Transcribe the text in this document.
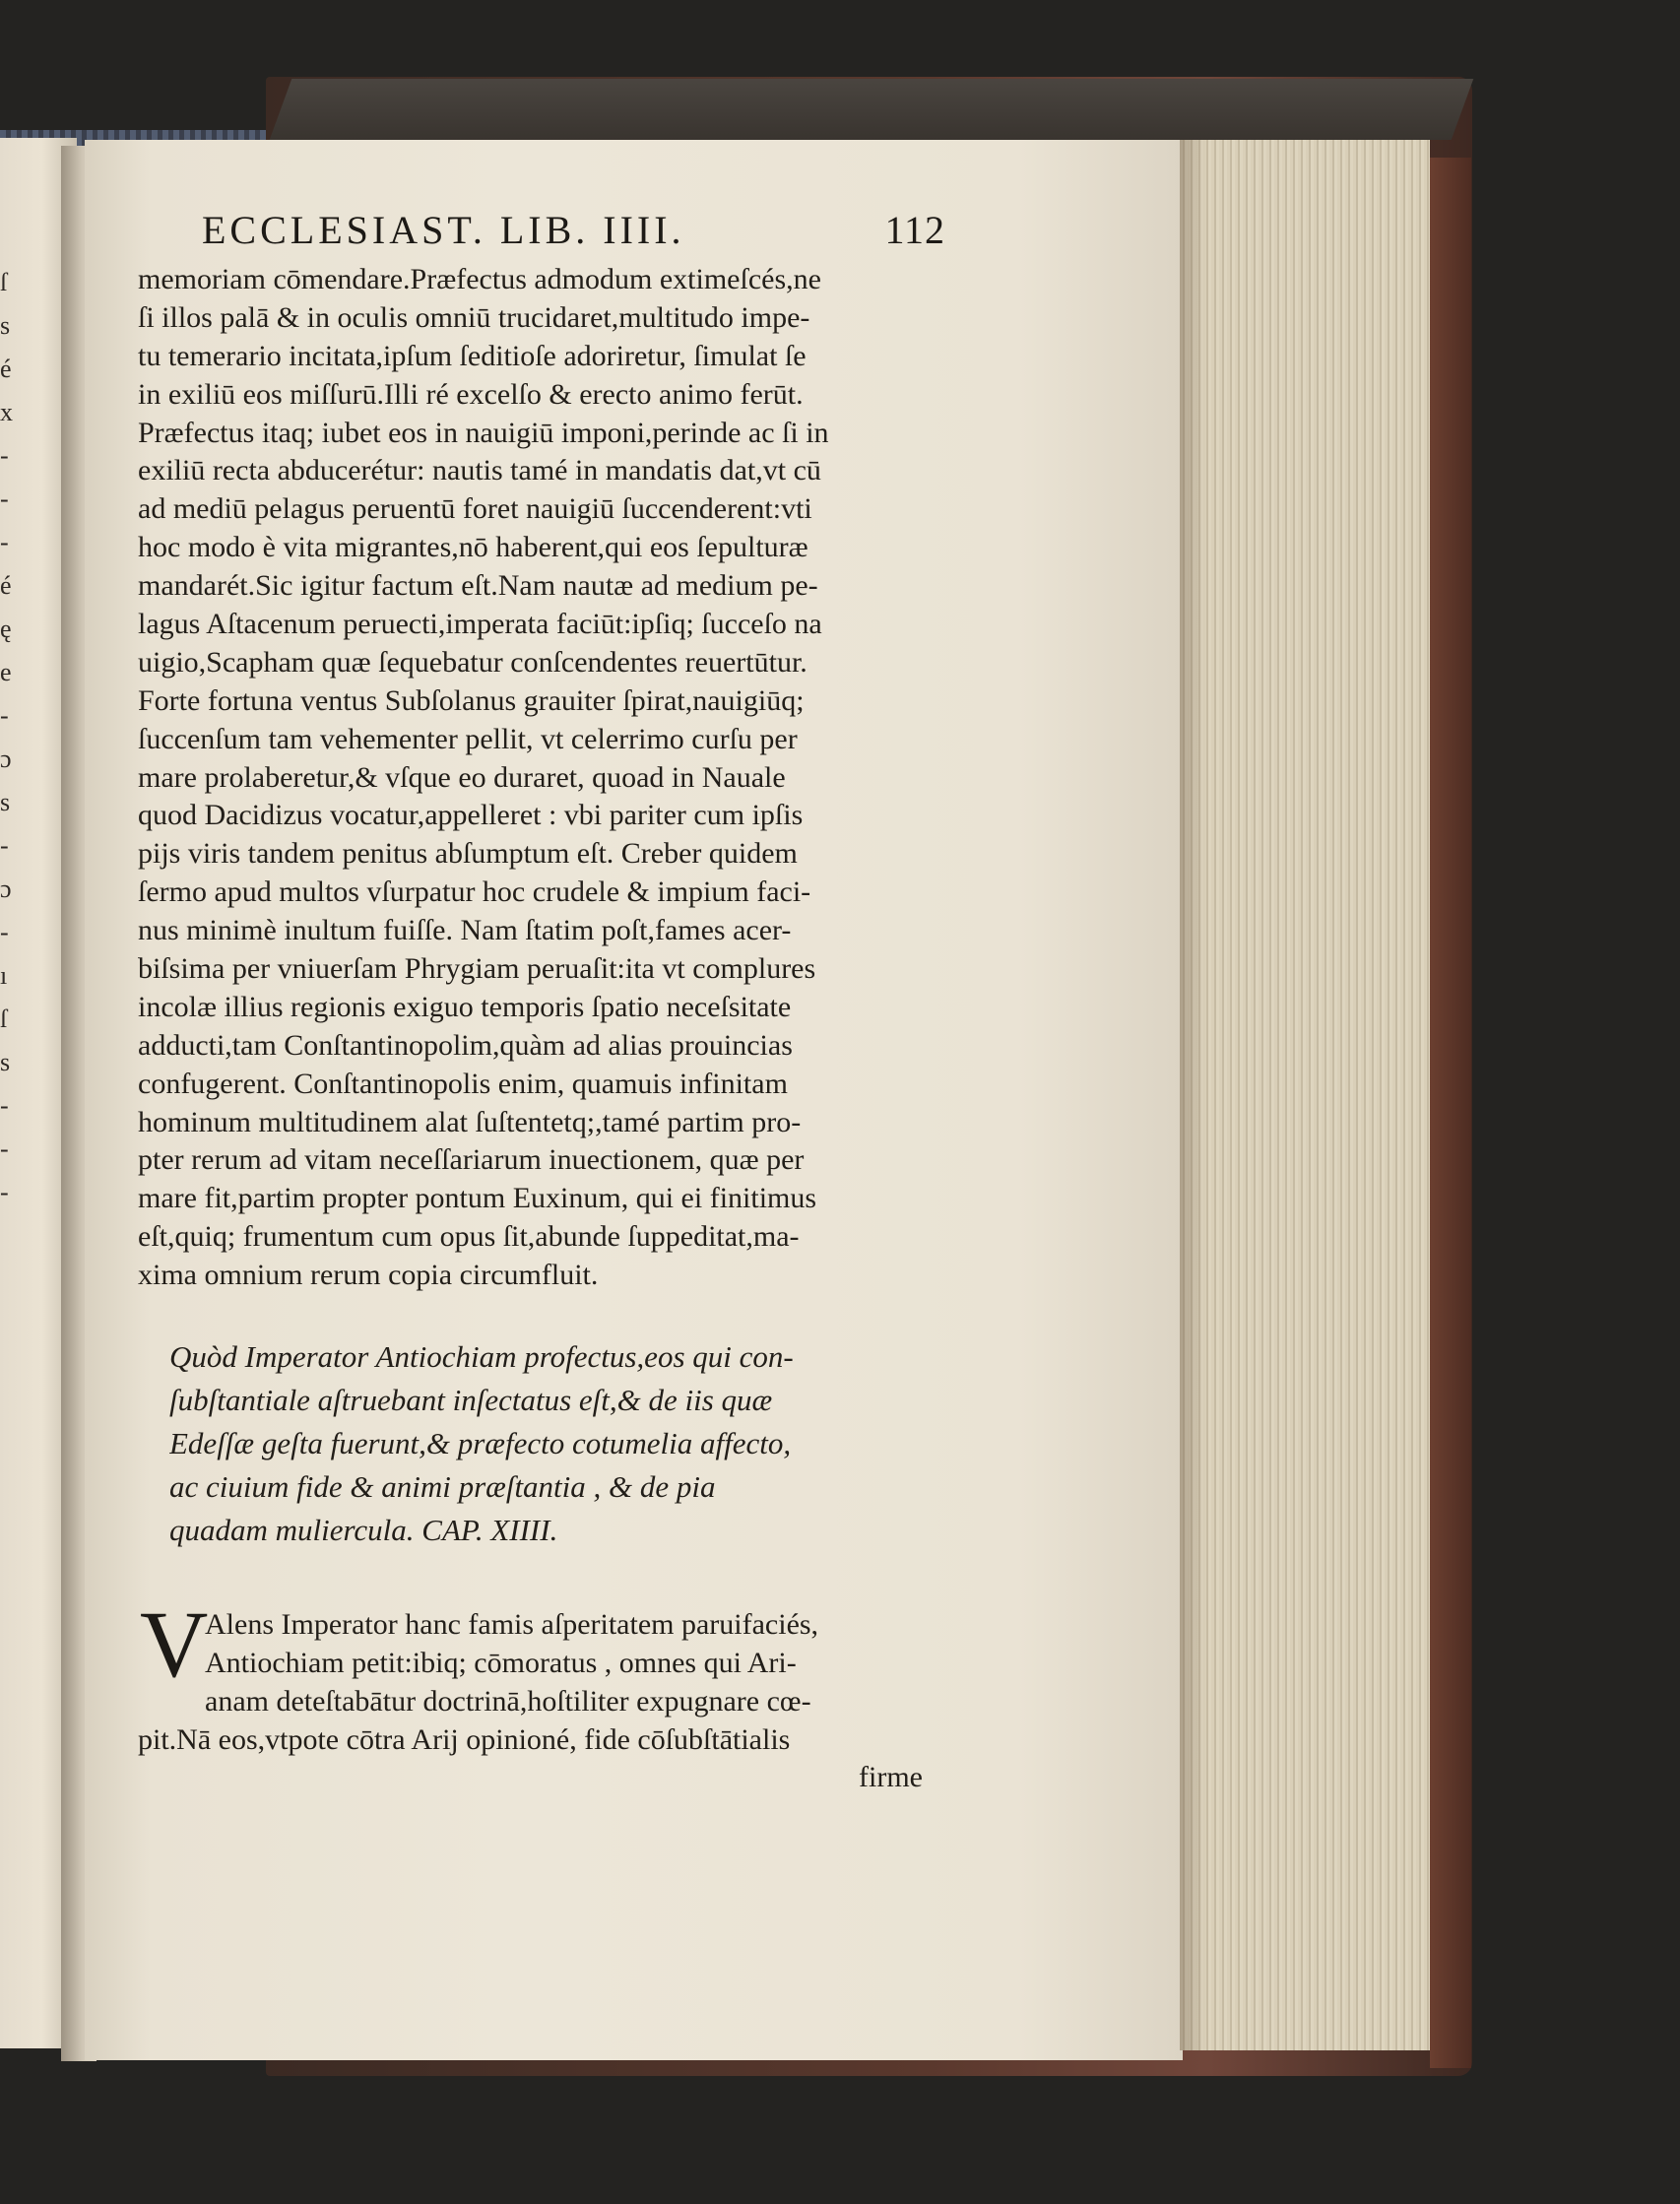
ſ
s
é
x
-
-
-
é
ę
e
-
ɔ
s
-
ɔ
-
ı
ſ
s
-
-
-
ECCLESIAST. LIB. IIII.	112
memoriam cōmendare.Præfectus admodum extimeſcés,ne
ſi illos palā & in oculis omniū trucidaret,multitudo impe-
tu temerario incitata,ipſum ſeditioſe adoriretur, ſimulat ſe
in exiliū eos miſſurū.Illi ré excelſo & erecto animo ferūt.
Præfectus itaq; iubet eos in nauigiū imponi,perinde ac ſi in
exiliū recta abducerétur: nautis tamé in mandatis dat,vt cū
ad mediū pelagus peruentū foret nauigiū ſuccenderent:vti
hoc modo è vita migrantes,nō haberent,qui eos ſepulturæ
mandarét.Sic igitur factum eſt.Nam nautæ ad medium pe-
lagus Aſtacenum peruecti,imperata faciūt:ipſiq; ſucceſo na
uigio,Scapham quæ ſequebatur conſcendentes reuertūtur.
Forte fortuna ventus Subſolanus grauiter ſpirat,nauigiūq;
ſuccenſum tam vehementer pellit, vt celerrimo curſu per
mare prolaberetur,& vſque eo duraret, quoad in Nauale
quod Dacidizus vocatur,appelleret : vbi pariter cum ipſis
pijs viris tandem penitus abſumptum eſt. Creber quidem
ſermo apud multos vſurpatur hoc crudele & impium faci-
nus minimè inultum fuiſſe. Nam ſtatim poſt,fames acer-
biſsima per vniuerſam Phrygiam peruaſit:ita vt complures
incolæ illius regionis exiguo temporis ſpatio neceſsitate
adducti,tam Conſtantinopolim,quàm ad alias prouincias
confugerent. Conſtantinopolis enim, quamuis infinitam
hominum multitudinem alat ſuſtentetq;,tamé partim pro-
pter rerum ad vitam neceſſariarum inuectionem, quæ per
mare fit,partim propter pontum Euxinum, qui ei finitimus
eſt,quiq; frumentum cum opus ſit,abunde ſuppeditat,ma-
xima omnium rerum copia circumfluit.
Quòd Imperator Antiochiam profectus,eos qui con-
ſubſtantiale aſtruebant inſectatus eſt,& de iis quæ
Edeſſæ geſta fuerunt,& præfecto cotumelia affecto,
ac ciuium fide & animi præſtantia , & de pia
quadam muliercula. CAP. XIIII.
V
Alens Imperator hanc famis aſperitatem paruifaciés,
Antiochiam petit:ibiq; cōmoratus , omnes qui Ari-
anam deteſtabātur doctrinā,hoſtiliter expugnare cœ-
pit.Nā eos,vtpote cōtra Arij opinioné, fide cōſubſtātialis
firme
